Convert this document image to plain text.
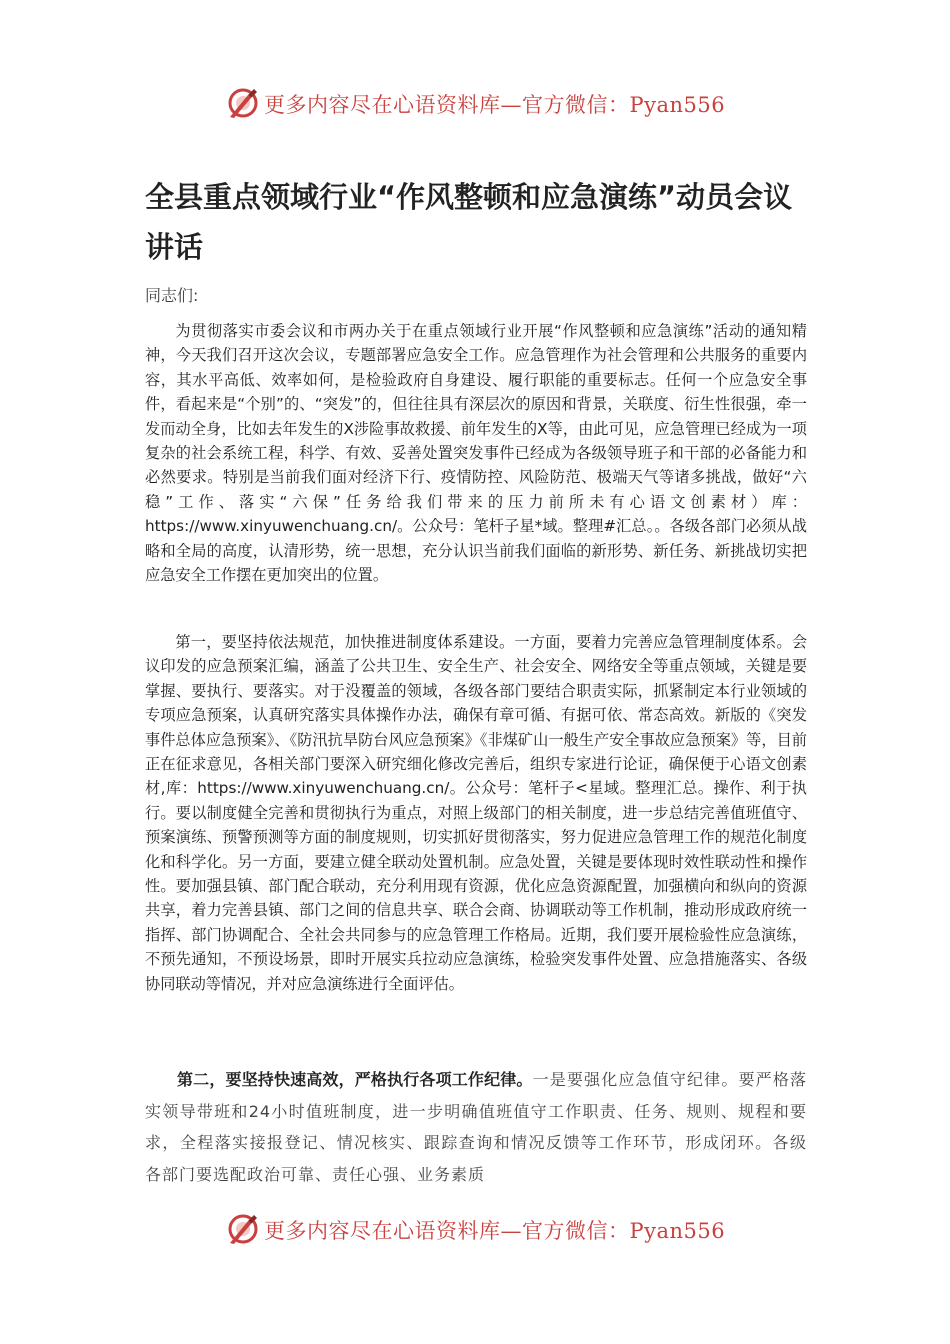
更多内容尽在心语资料库—官方微信：Pyan556
全县重点领域行业“作风整顿和应急演练”动员会议讲话
同志们:

为贯彻落实市委会议和市两办关于在重点领域行业开展“作风整顿和应急演练”活动的通知精神，今天我们召开这次会议，专题部署应急安全工作。应急管理作为社会管理和公共服务的重要内容，其水平高低、效率如何，是检验政府自身建设、履行职能的重要标志。任何一个应急安全事件，看起来是“个别”的、“突发”的，但往往具有深层次的原因和背景，关联度、衍生性很强，牵一发而动全身，比如去年发生的X涉险事故救援、前年发生的X等，由此可见，应急管理已经成为一项复杂的社会系统工程，科学、有效、妥善处置突发事件已经成为各级领导班子和干部的必备能力和必然要求。特别是当前我们面对经济下行、疫情防控、风险防范、极端天气等诸多挑战，做好“六稳”工作、落实“六保”任务给我们带来的压力前所未有心语文创素材）库：https://www.xinyuwenchuang.cn/。公众号：笔杆子星*域。整理#汇总。。各级各部门必须从战略和全局的高度，认清形势，统一思想，充分认识当前我们面临的新形势、新任务、新挑战切实把应急安全工作摆在更加突出的位置。

第一，要坚持依法规范，加快推进制度体系建设。一方面，要着力完善应急管理制度体系。会议印发的应急预案汇编，涵盖了公共卫生、安全生产、社会安全、网络安全等重点领域，关键是要掌握、要执行、要落实。对于没覆盖的领域，各级各部门要结合职责实际，抓紧制定本行业领域的专项应急预案，认真研究落实具体操作办法，确保有章可循、有据可依、常态高效。新版的《突发事件总体应急预案》、《防汛抗旱防台风应急预案》《非煤矿山一般生产安全事故应急预案》等，目前正在征求意见，各相关部门要深入研究细化修改完善后，组织专家进行论证，确保便于心语文创素材,库：https://www.xinyuwenchuang.cn/。公众号：笔杆子<星域。整理汇总。操作、利于执行。要以制度健全完善和贯彻执行为重点，对照上级部门的相关制度，进一步总结完善值班值守、预案演练、预警预测等方面的制度规则，切实抓好贯彻落实，努力促进应急管理工作的规范化制度化和科学化。另一方面，要建立健全联动处置机制。应急处置，关键是要体现时效性联动性和操作性。要加强县镇、部门配合联动，充分利用现有资源，优化应急资源配置，加强横向和纵向的资源共享，着力完善县镇、部门之间的信息共享、联合会商、协调联动等工作机制，推动形成政府统一指挥、部门协调配合、全社会共同参与的应急管理工作格局。近期，我们要开展检验性应急演练，不预先通知，不预设场景，即时开展实兵拉动应急演练，检验突发事件处置、应急措施落实、各级协同联动等情况，并对应急演练进行全面评估。

第二，要坚持快速高效，严格执行各项工作纪律。一是要强化应急值守纪律。要严格落实领导带班和24小时值班制度，进一步明确值班值守工作职责、任务、规则、规程和要求，全程落实接报登记、情况核实、跟踪查询和情况反馈等工作环节，形成闭环。各级各部门要选配政治可靠、责任心强、业务素质

更多内容尽在心语资料库—官方微信：Pyan556
